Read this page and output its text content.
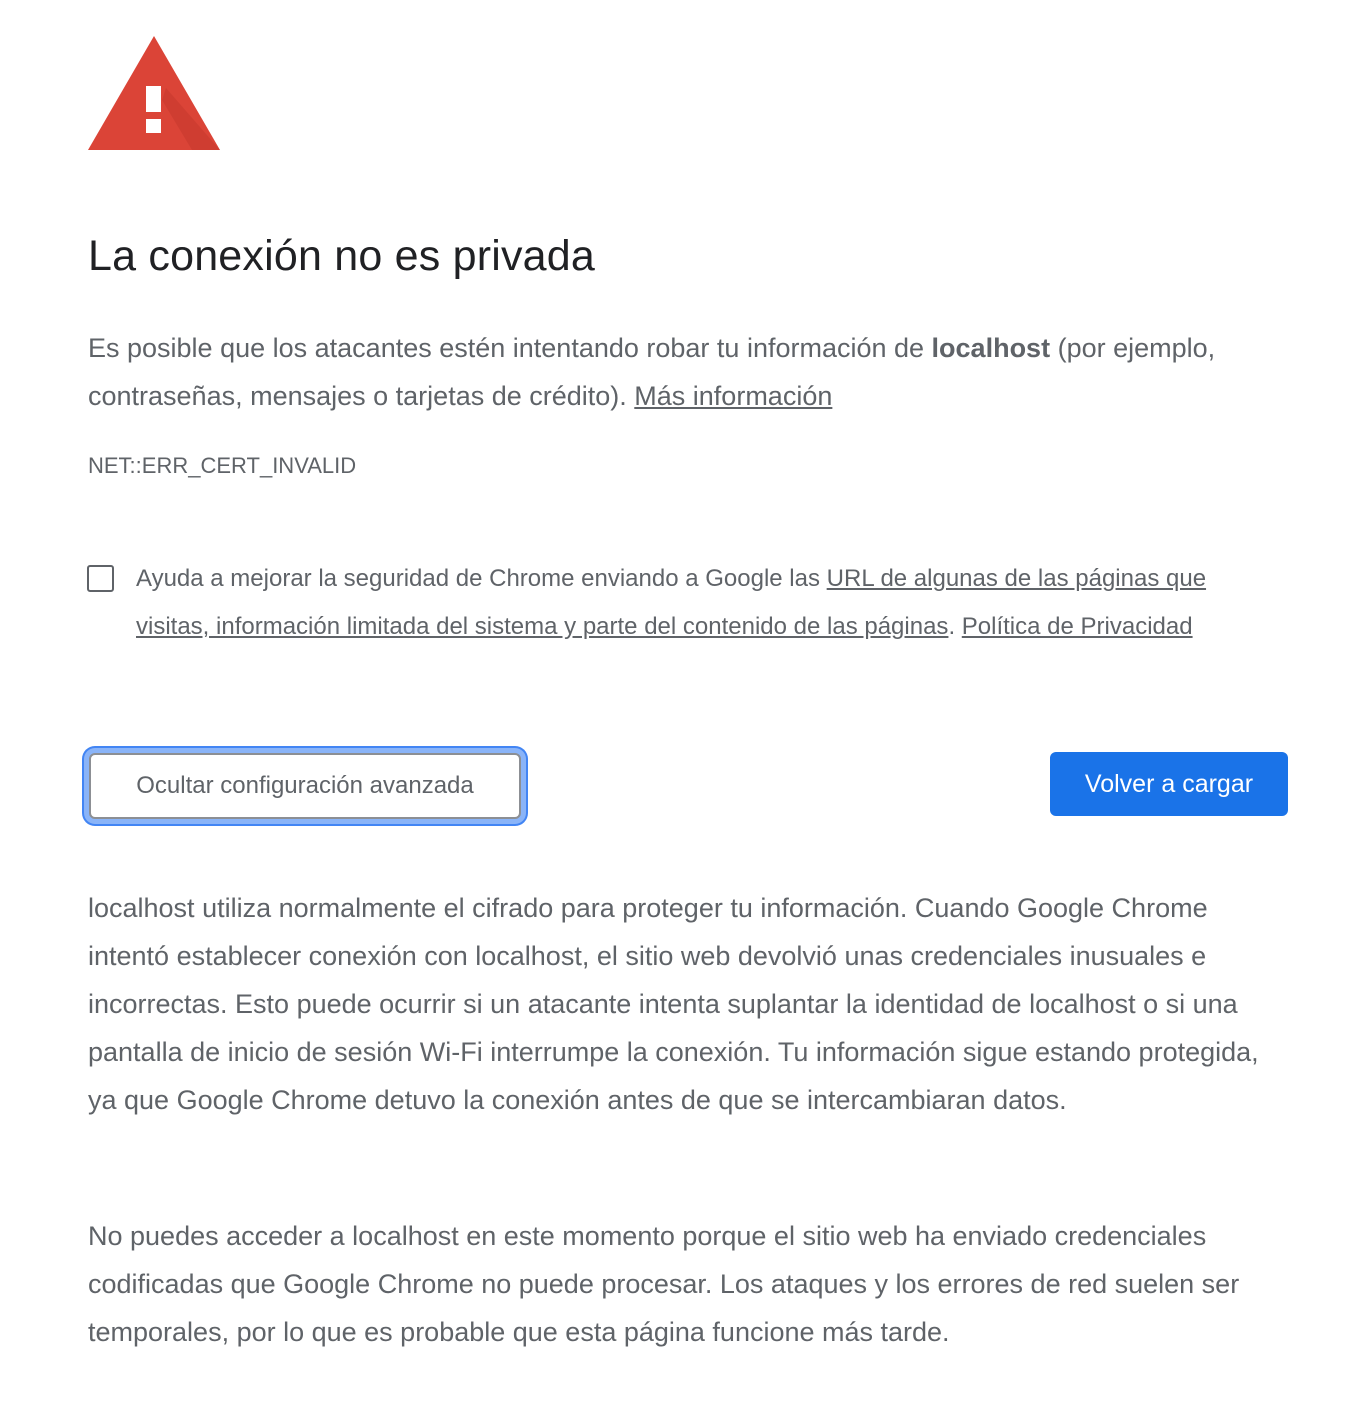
La conexión no es privada

Es posible que los atacantes estén intentando robar tu información de localhost (por ejemplo, contraseñas, mensajes o tarjetas de crédito). Más información

NET::ERR_CERT_INVALID

Ayuda a mejorar la seguridad de Chrome enviando a Google las URL de algunas de las páginas que visitas, información limitada del sistema y parte del contenido de las páginas. Política de Privacidad

Ocultar configuración avanzada	Volver a cargar

localhost utiliza normalmente el cifrado para proteger tu información. Cuando Google Chrome intentó establecer conexión con localhost, el sitio web devolvió unas credenciales inusuales e incorrectas. Esto puede ocurrir si un atacante intenta suplantar la identidad de localhost o si una pantalla de inicio de sesión Wi-Fi interrumpe la conexión. Tu información sigue estando protegida, ya que Google Chrome detuvo la conexión antes de que se intercambiaran datos.

No puedes acceder a localhost en este momento porque el sitio web ha enviado credenciales codificadas que Google Chrome no puede procesar. Los ataques y los errores de red suelen ser temporales, por lo que es probable que esta página funcione más tarde.
